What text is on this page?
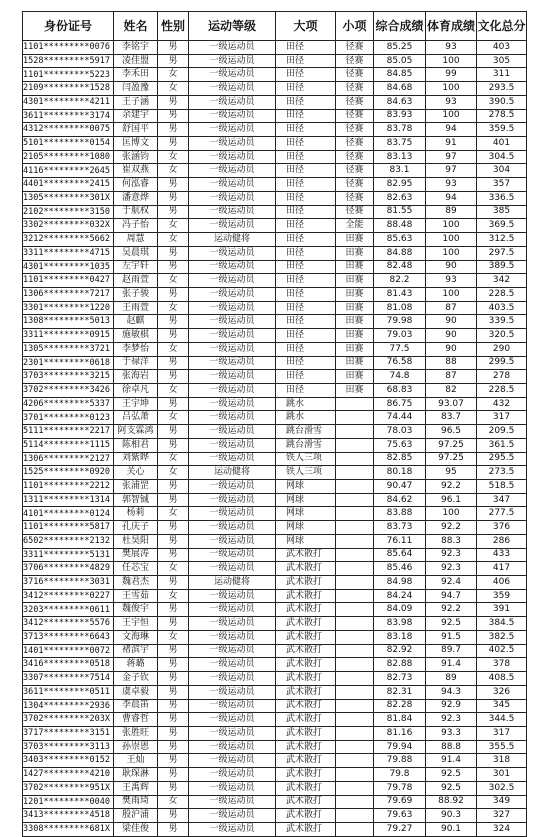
身份证号	姓名	性别	运动等级	大项	小项	综合成绩	体育成绩	文化总分
1101*********0076	李铭宇	男	一级运动员	田径	径赛	85.25	93	403
1528*********5917	凌佳盟	男	一级运动员	田径	径赛	85.05	100	305
1101*********5223	李禾田	女	一级运动员	田径	径赛	84.85	99	311
2109*********1528	闫盈豫	女	一级运动员	田径	径赛	84.68	100	293.5
4301*********4211	王子涵	男	一级运动员	田径	径赛	84.63	93	390.5
3611*********3174	余建宇	男	一级运动员	田径	径赛	83.93	100	278.5
4312*********0075	舒国平	男	一级运动员	田径	径赛	83.78	94	359.5
5101*********0154	匡博文	男	一级运动员	田径	径赛	83.75	91	401
2105*********1080	张涵钧	女	一级运动员	田径	径赛	83.13	97	304.5
4116*********2645	崔双燕	女	一级运动员	田径	径赛	83.1	97	304
4401*********2415	何泓睿	男	一级运动员	田径	径赛	82.95	93	357
1305*********301X	潘意烨	男	一级运动员	田径	径赛	82.63	94	336.5
2102*********3150	于航权	男	一级运动员	田径	径赛	81.55	89	385
3302*********032X	冯子怡	女	一级运动员	田径	全能	88.48	100	369.5
3212*********5662	周慧	女	运动健将	田径	田赛	85.63	100	312.5
3311*********4715	吴晨琪	男	一级运动员	田径	田赛	84.88	100	297.5
4301*********1035	左宇轩	男	一级运动员	田径	田赛	82.48	90	389.5
1101*********0427	赵雨萱	女	一级运动员	田径	田赛	82.2	93	342
1306*********7217	张子骏	男	一级运动员	田径	田赛	81.43	100	228.5
3301*********1220	王雨萱	女	一级运动员	田径	田赛	81.08	87	403.5
1308*********5013	赵麒	男	一级运动员	田径	田赛	79.98	90	339.5
3311*********0915	施敏棋	男	一级运动员	田径	田赛	79.03	90	320.5
1305*********3721	李梦怡	女	一级运动员	田径	田赛	77.5	90	290
2301*********0618	于禄洋	男	一级运动员	田径	田赛	76.58	88	299.5
3703*********3215	张海岩	男	一级运动员	田径	田赛	74.8	87	278
3702*********3426	徐卓凡	女	一级运动员	田径	田赛	68.83	82	228.5
4206*********5337	王宇坤	男	一级运动员	跳水		86.75	93.07	432
3701*********0123	吕弘萧	女	一级运动员	跳水		74.44	83.7	317
5111*********2217	阿支霖鸿	男	一级运动员	跳台滑雪		78.03	96.5	209.5
5114*********1115	陈相君	男	一级运动员	跳台滑雪		75.63	97.25	361.5
1306*********2127	刘紫晔	女	一级运动员	铁人三项		82.85	97.25	295.5
1525*********0920	关心	女	运动健将	铁人三项		80.18	95	273.5
1101*********2212	张浦罡	男	一级运动员	网球		90.47	92.2	518.5
1311*********1314	郭智铖	男	一级运动员	网球		84.62	96.1	347
4101*********0124	杨莉	女	一级运动员	网球		83.88	100	277.5
1101*********5817	孔庆子	男	一级运动员	网球		83.73	92.2	376
6502*********2132	杜昊阳	男	一级运动员	网球		76.11	88.3	286
3311*********5131	樊展涛	男	一级运动员	武术散打		85.64	92.3	433
3706*********4829	任芯宝	女	一级运动员	武术散打		85.46	92.3	417
3716*********3031	魏君杰	男	运动健将	武术散打		84.98	92.4	406
3412*********0227	王雪茹	女	一级运动员	武术散打		84.24	94.7	359
3203*********0611	魏俊宇	男	一级运动员	武术散打		84.09	92.2	391
3412*********5576	王宇恒	男	一级运动员	武术散打		83.98	92.5	384.5
3713*********6643	文海琳	女	一级运动员	武术散打		83.18	91.5	382.5
1401*********0072	褚滨宇	男	一级运动员	武术散打		82.92	89.7	402.5
3416*********0518	蒋璐	男	一级运动员	武术散打		82.88	91.4	378
3307*********7514	金子钦	男	一级运动员	武术散打		82.73	89	408.5
3611*********0511	虞卓毅	男	一级运动员	武术散打		82.31	94.3	326
1304*********2936	李晨笛	男	一级运动员	武术散打		82.28	92.9	345
3702*********203X	曹睿哲	男	一级运动员	武术散打		81.84	92.3	344.5
3717*********3151	张胜旺	男	一级运动员	武术散打		81.16	93.3	317
3703*********3113	孙崇恩	男	一级运动员	武术散打		79.94	88.8	355.5
3403*********0152	王灿	男	一级运动员	武术散打		79.88	91.4	318
1427*********4210	耿琛淋	男	一级运动员	武术散打		79.8	92.5	301
3702*********951X	王禹辉	男	一级运动员	武术散打		79.78	92.5	302.5
1201*********0040	樊雨琦	女	一级运动员	武术散打		79.69	88.92	349
3413*********4518	殷沪浦	男	一级运动员	武术散打		79.63	90.3	327
3308*********681X	梁佳俊	男	一级运动员	武术散打		79.27	90.1	324
